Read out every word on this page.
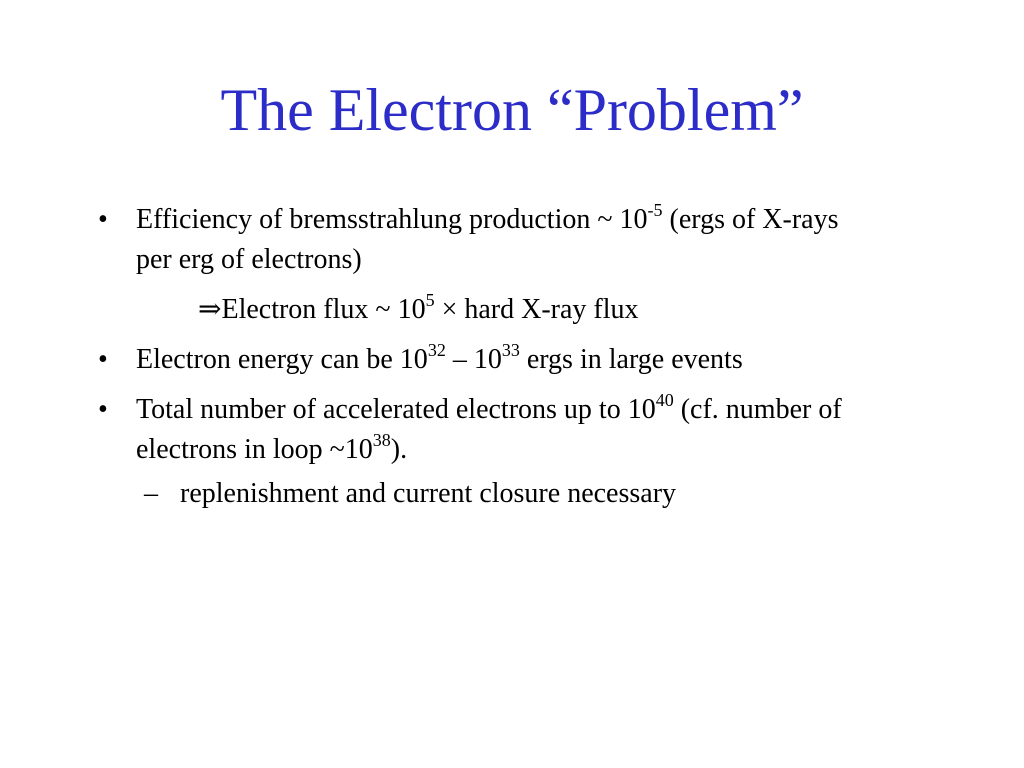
The Electron “Problem”
• Efficiency of bremsstrahlung production ~ $10^{-5}$ (ergs of X-rays per erg of electrons)
⇒Electron flux ~ $10^5$ × hard X-ray flux
• Electron energy can be $10^{32} - 10^{33}$ ergs in large events
• Total number of accelerated electrons up to $10^{40}$ (cf. number of electrons in loop $\sim 10^{38}$).
– replenishment and current closure necessary
